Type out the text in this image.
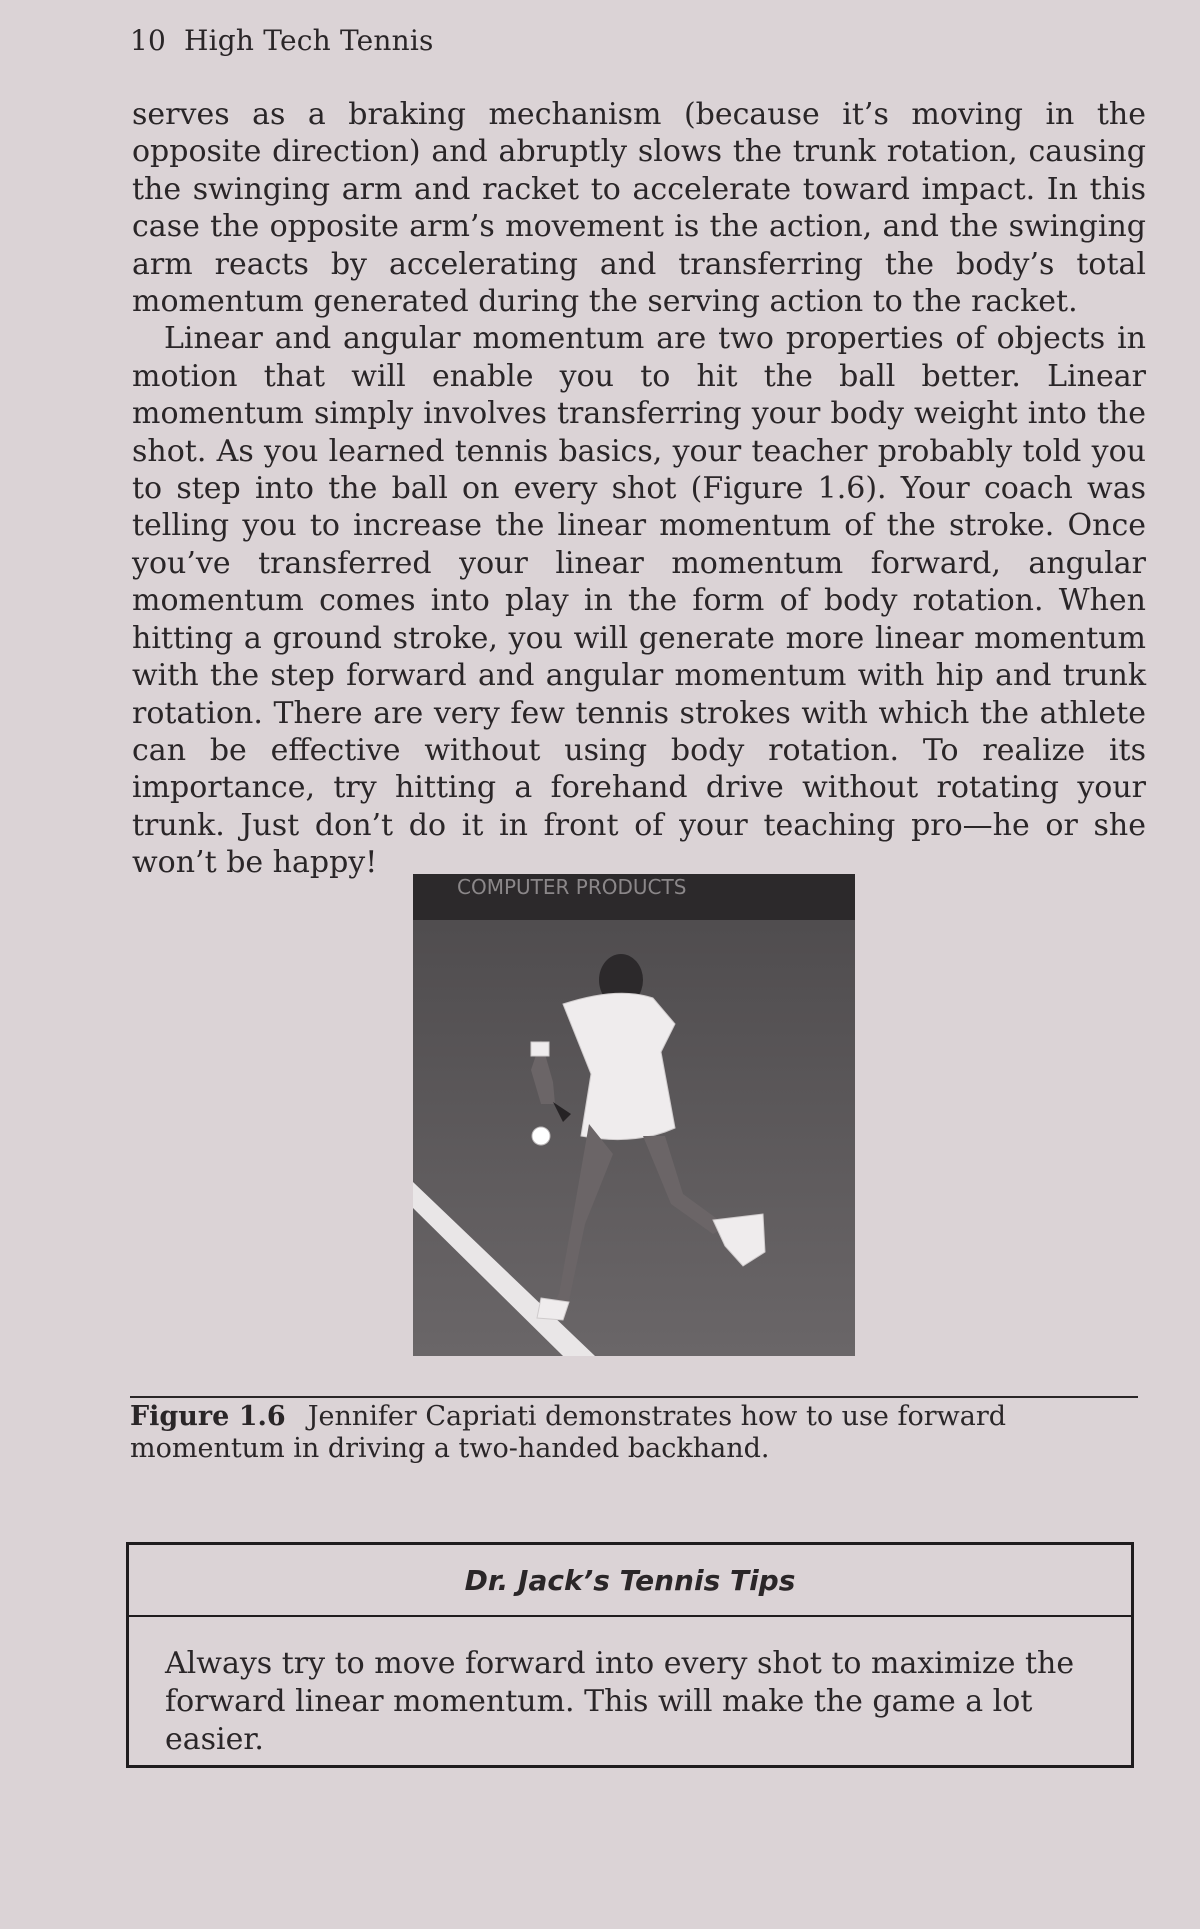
10 High Tech Tennis

serves as a braking mechanism (because it’s moving in the opposite direction) and abruptly slows the trunk rotation, causing the swinging arm and racket to accelerate toward impact. In this case the opposite arm’s movement is the action, and the swinging arm reacts by accelerating and transferring the body’s total momentum generated during the serving action to the racket.

Linear and angular momentum are two properties of objects in motion that will enable you to hit the ball better. Linear momentum simply involves transferring your body weight into the shot. As you learned tennis basics, your teacher probably told you to step into the ball on every shot (Figure 1.6). Your coach was telling you to increase the linear momentum of the stroke. Once you’ve transferred your linear momentum forward, angular momentum comes into play in the form of body rotation. When hitting a ground stroke, you will generate more linear momentum with the step forward and angular momentum with hip and trunk rotation. There are very few tennis strokes with which the athlete can be effective without using body rotation. To realize its importance, try hitting a forehand drive without rotating your trunk. Just don’t do it in front of your teaching pro—he or she won’t be happy!

COMPUTER PRODUCTS
Figure 1.6 Jennifer Capriati demonstrates how to use forward momentum in driving a two-handed backhand.
Dr. Jack’s Tennis Tips
Always try to move forward into every shot to maximize the forward linear momentum. This will make the game a lot easier.
